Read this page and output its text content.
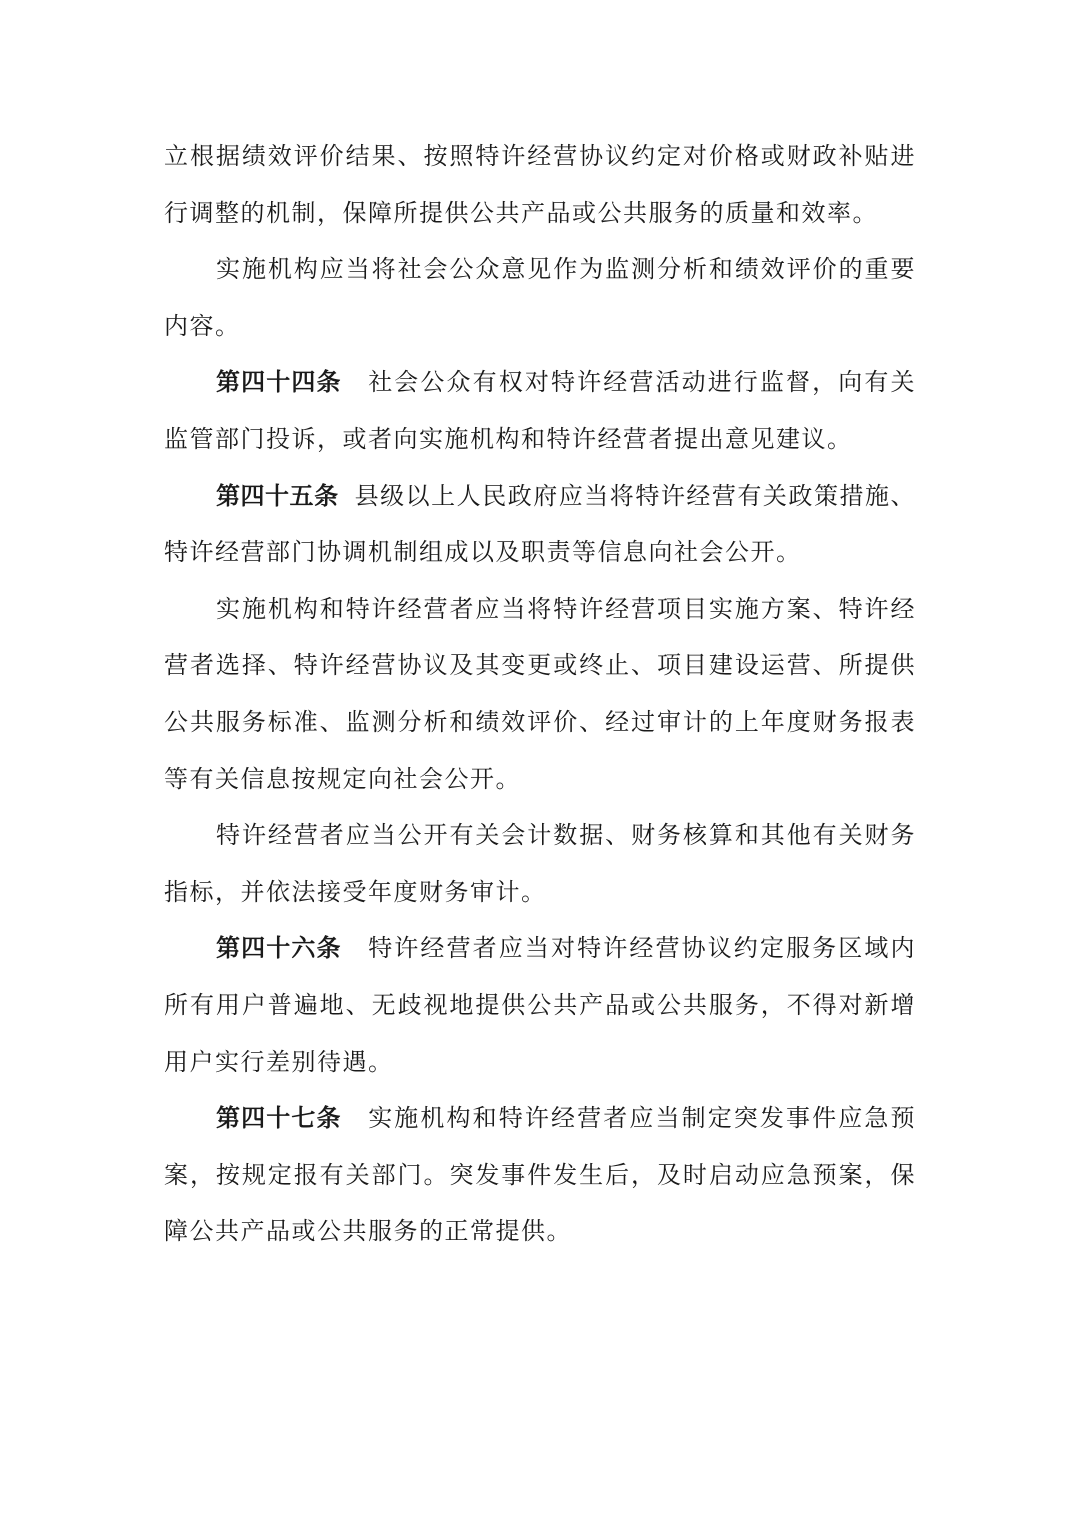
立根据绩效评价结果、按照特许经营协议约定对价格或财政补贴进行调整的机制，保障所提供公共产品或公共服务的质量和效率。

实施机构应当将社会公众意见作为监测分析和绩效评价的重要内容。

第四十四条 社会公众有权对特许经营活动进行监督，向有关监管部门投诉，或者向实施机构和特许经营者提出意见建议。

第四十五条 县级以上人民政府应当将特许经营有关政策措施、特许经营部门协调机制组成以及职责等信息向社会公开。

实施机构和特许经营者应当将特许经营项目实施方案、特许经营者选择、特许经营协议及其变更或终止、项目建设运营、所提供公共服务标准、监测分析和绩效评价、经过审计的上年度财务报表等有关信息按规定向社会公开。

特许经营者应当公开有关会计数据、财务核算和其他有关财务指标，并依法接受年度财务审计。

第四十六条 特许经营者应当对特许经营协议约定服务区域内所有用户普遍地、无歧视地提供公共产品或公共服务，不得对新增用户实行差别待遇。

第四十七条 实施机构和特许经营者应当制定突发事件应急预案，按规定报有关部门。突发事件发生后，及时启动应急预案，保障公共产品或公共服务的正常提供。
